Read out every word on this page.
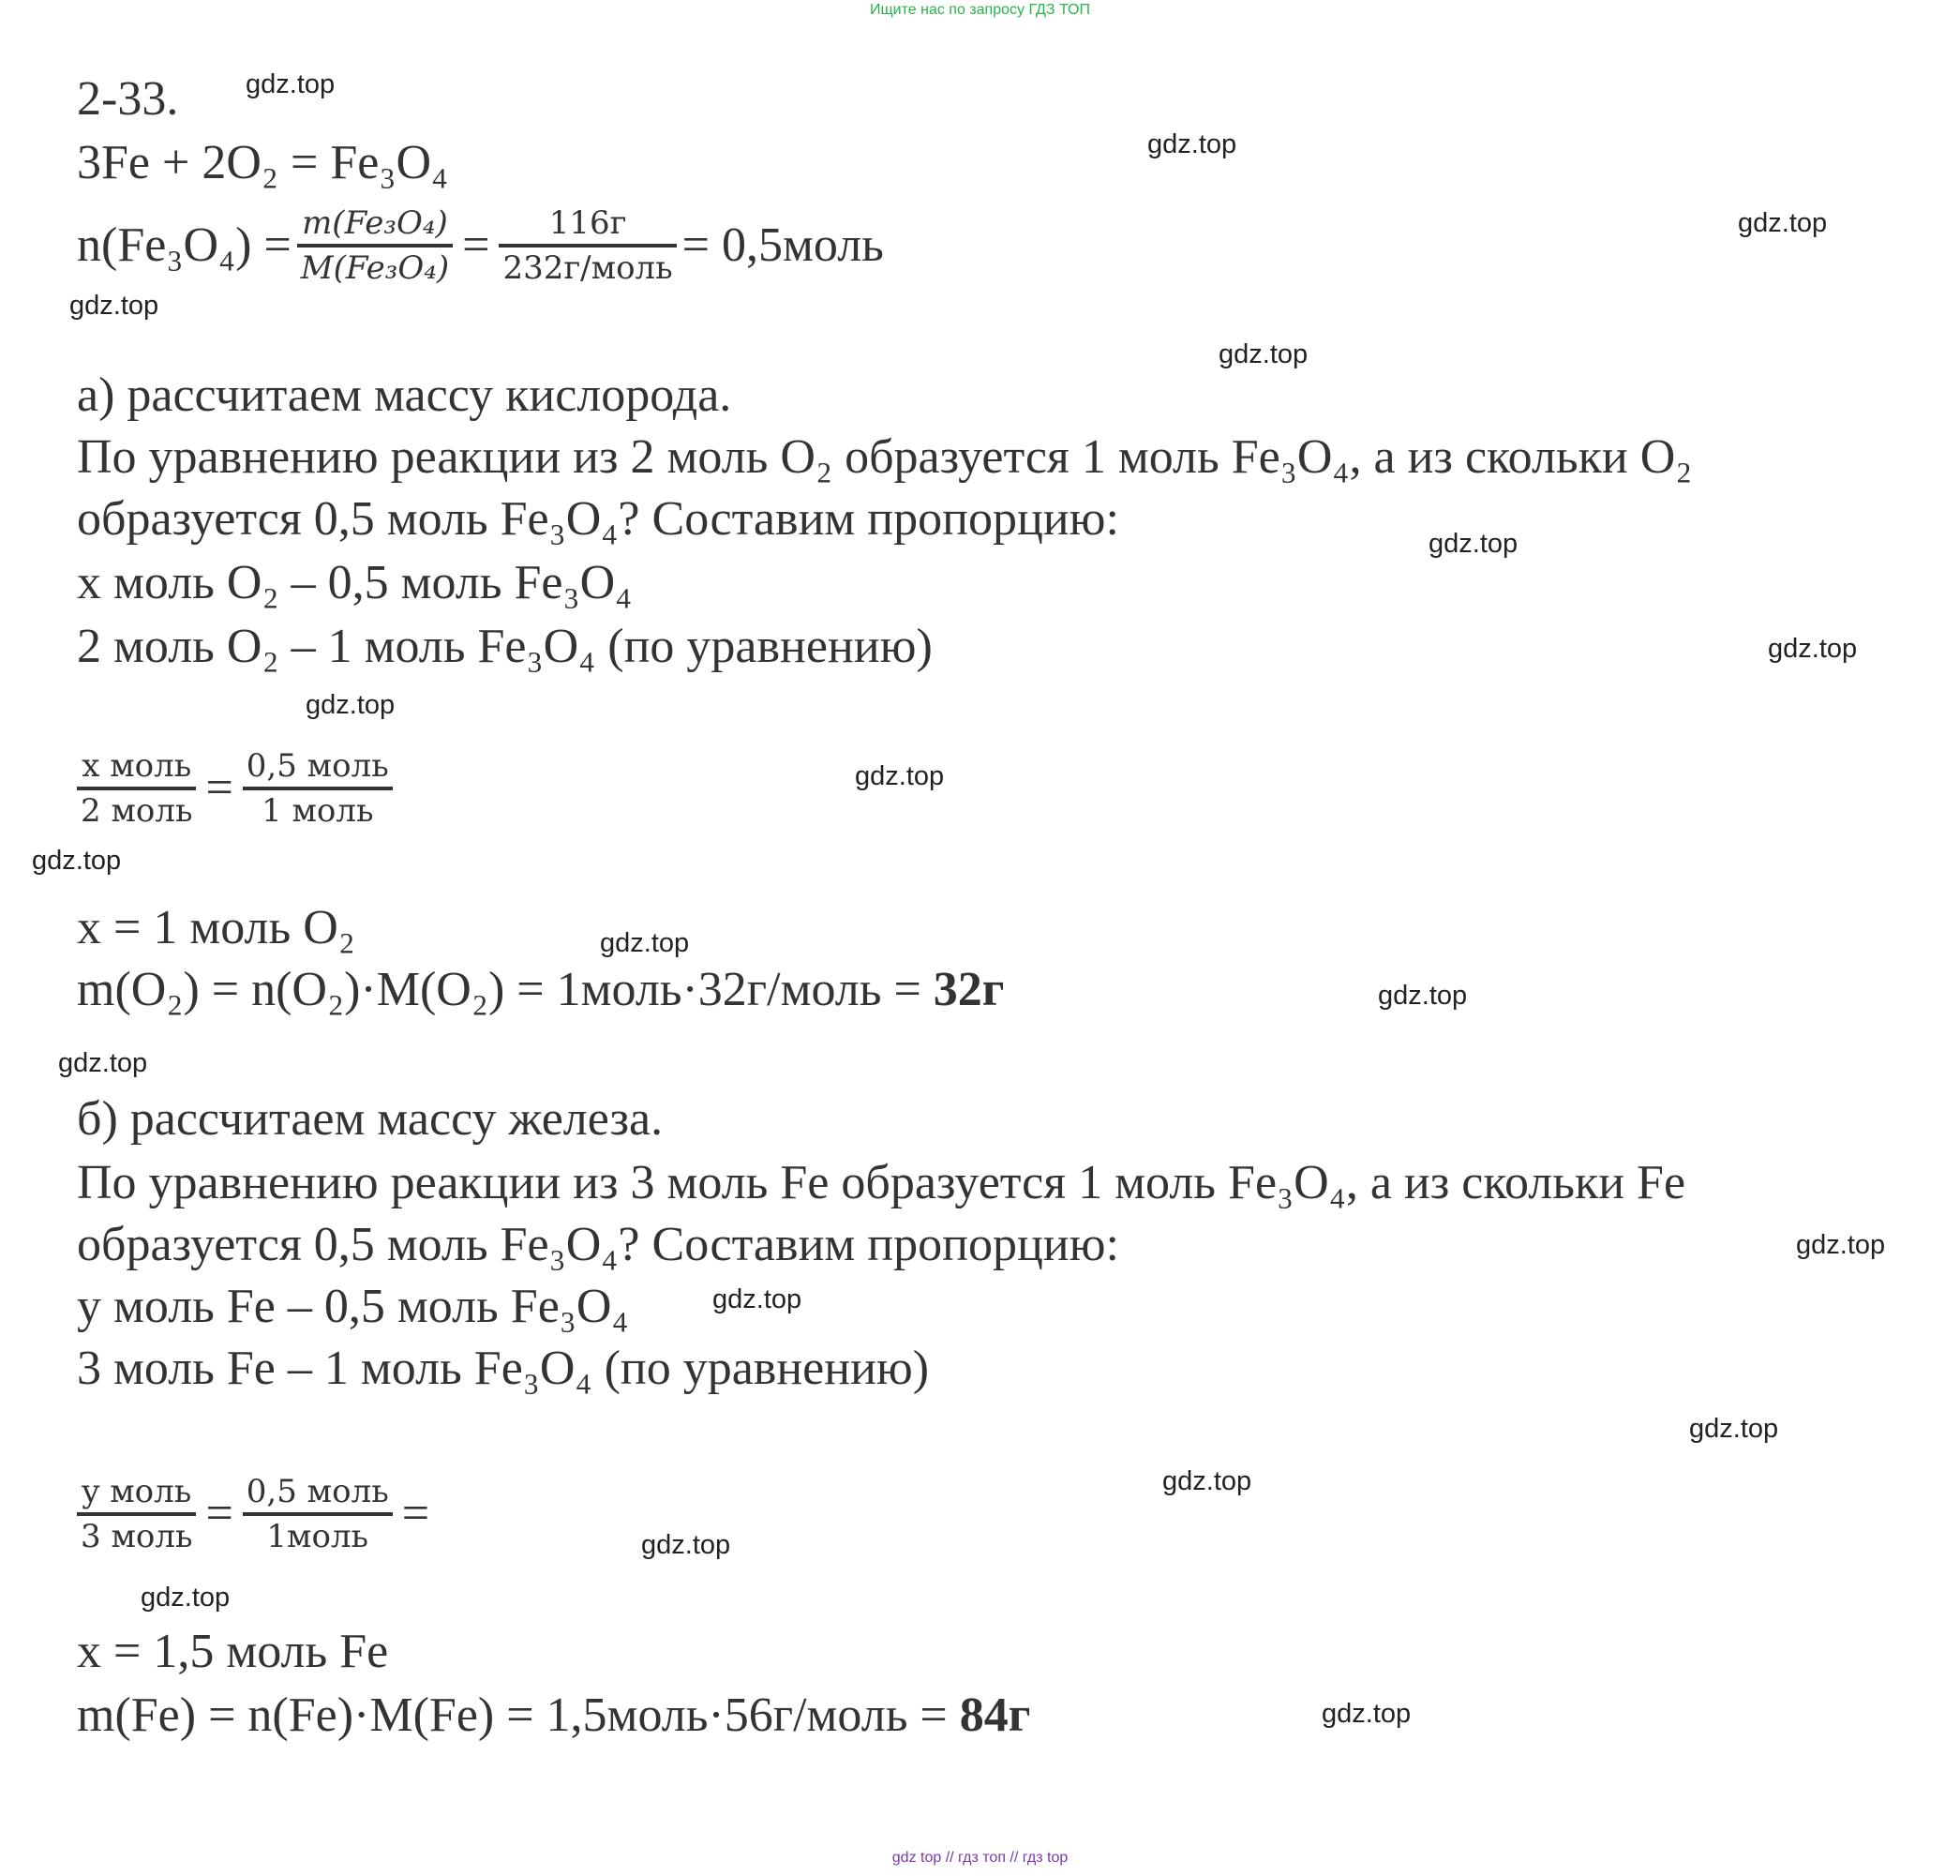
Ищите нас по запросу ГДЗ ТОП
2-33.
3Fe + 2O₂ = Fe₃O₄
$n(Fe_3O_4) = \frac{\text{m(Fe₃O₄)}}{\text{M(Fe₃O₄)}} = \frac{116г}{\text{232г/моль}}$ = 0,5моль
а) рассчитаем массу кислорода.
По уравнению реакции из 2 моль O₂ образуется 1 моль Fe₃O₄, а из скольки O₂
образуется 0,5 моль Fe₃O₄? Составим пропорцию:
x моль O₂ – 0,5 моль Fe₃O₄
2 моль O₂ – 1 моль Fe₃O₄ (по уравнению)
$\frac{\text{x моль}}{\text{2 моль}} = \frac{\text{0,5 моль}}{\text{1 моль}}$
x = 1 моль O₂
m(O₂) = n(O₂)·M(O₂) = 1моль·32г/моль = 32г
б) рассчитаем массу железа.
По уравнению реакции из 3 моль Fe образуется 1 моль Fe₃O₄, а из скольки Fe
образуется 0,5 моль Fe₃O₄? Составим пропорцию:
y моль Fe – 0,5 моль Fe₃O₄
3 моль Fe – 1 моль Fe₃O₄ (по уравнению)
$\frac{\text{y моль}}{\text{3 моль}} = \frac{\text{0,5 моль}}{\text{1моль}}$ =
x = 1,5 моль Fe
m(Fe) = n(Fe)·M(Fe) = 1,5моль·56г/моль = 84г
gdz.top
gdz.top
gdz.top
gdz.top
gdz.top
gdz.top
gdz.top
gdz.top
gdz.top
gdz.top
gdz.top
gdz.top
gdz.top
gdz.top
gdz.top
gdz.top
gdz.top
gdz.top
gdz.top
gdz.top
gdz top // гдз топ // гдз top
